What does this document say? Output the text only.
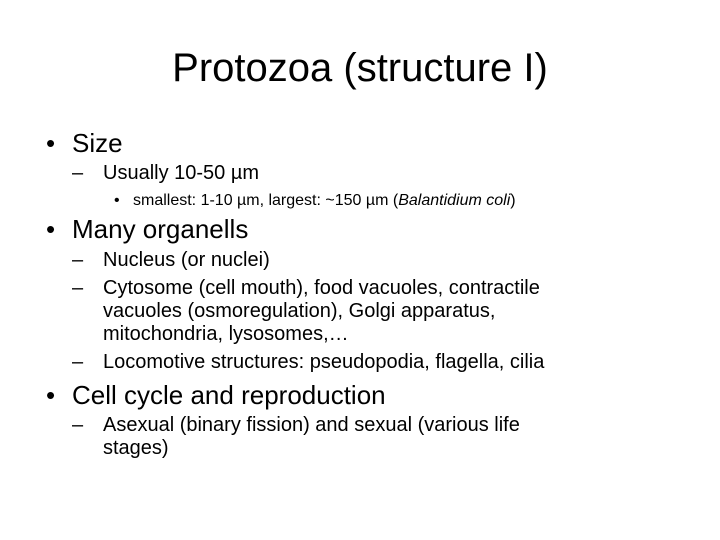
Protozoa (structure I)
• Size
– Usually 10-50 µm
• smallest: 1-10 µm, largest: ~150 µm (Balantidium coli)
• Many organells
– Nucleus (or nuclei)
– Cytosome (cell mouth), food vacuoles, contractile
vacuoles (osmoregulation), Golgi apparatus,
mitochondria, lysosomes,…
– Locomotive structures: pseudopodia, flagella, cilia
• Cell cycle and reproduction
– Asexual (binary fission) and sexual (various life
stages)
